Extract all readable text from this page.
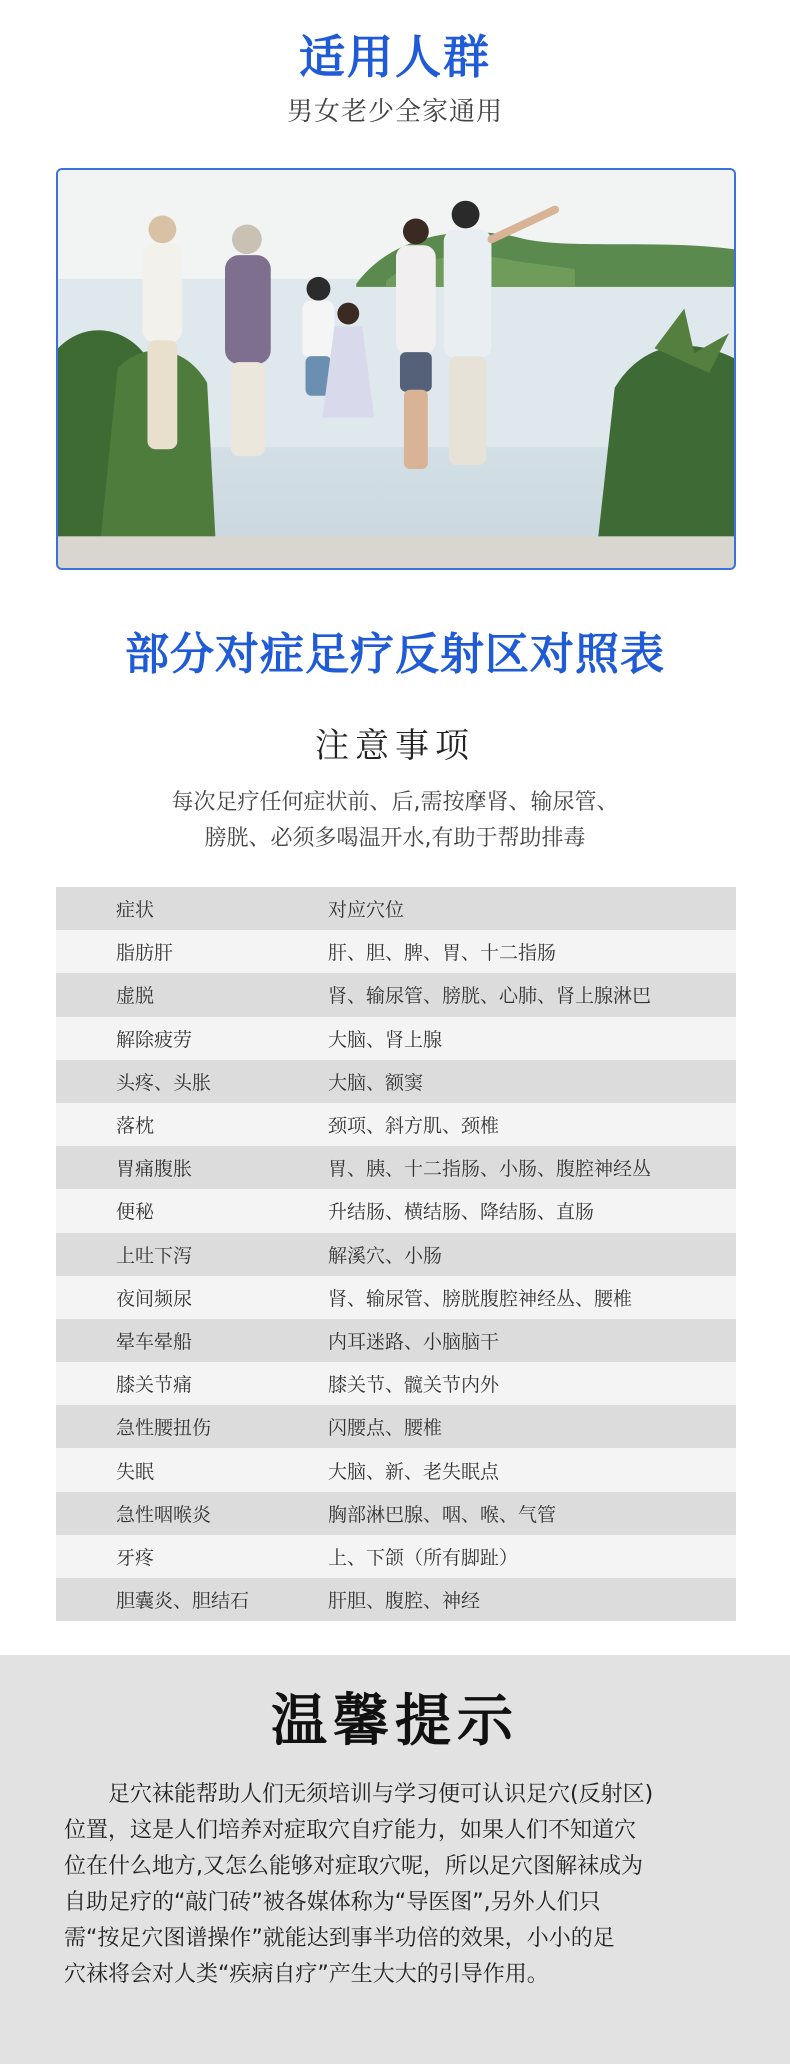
适用人群
男女老少全家通用
部分对症足疗反射区对照表
注意事项
每次足疗任何症状前、后,需按摩肾、输尿管、
膀胱、必须多喝温开水,有助于帮助排毒
症状	对应穴位
脂肪肝	肝、胆、脾、胃、十二指肠
虚脱	肾、输尿管、膀胱、心肺、肾上腺淋巴
解除疲劳	大脑、肾上腺
头疼、头胀	大脑、额窦
落枕	颈项、斜方肌、颈椎
胃痛腹胀	胃、胰、十二指肠、小肠、腹腔神经丛
便秘	升结肠、横结肠、降结肠、直肠
上吐下泻	解溪穴、小肠
夜间频尿	肾、输尿管、膀胱腹腔神经丛、腰椎
晕车晕船	内耳迷路、小脑脑干
膝关节痛	膝关节、髋关节内外
急性腰扭伤	闪腰点、腰椎
失眠	大脑、新、老失眠点
急性咽喉炎	胸部淋巴腺、咽、喉、气管
牙疼	上、下颌（所有脚趾）
胆囊炎、胆结石	肝胆、腹腔、神经
温馨提示
足穴袜能帮助人们无须培训与学习便可认识足穴(反射区)
位置，这是人们培养对症取穴自疗能力，如果人们不知道穴
位在什么地方,又怎么能够对症取穴呢，所以足穴图解袜成为
自助足疗的“敲门砖”被各媒体称为“导医图”,另外人们只
需“按足穴图谱操作”就能达到事半功倍的效果，小小的足
穴袜将会对人类“疾病自疗”产生大大的引导作用。
